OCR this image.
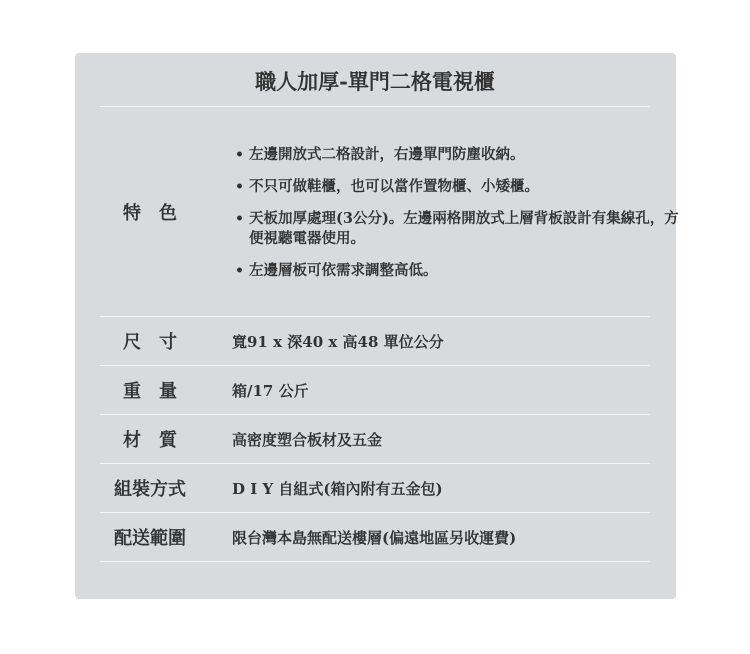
職人加厚-單門二格電視櫃
特　色
• 左邊開放式二格設計，右邊單門防塵收納。
• 不只可做鞋櫃，也可以當作置物櫃、小矮櫃。
• 天板加厚處理(3公分)。左邊兩格開放式上層背板設計有集線孔，方便視聽電器使用。
• 左邊層板可依需求調整高低。
尺　寸	寬91 x 深40 x 高48 單位公分
重　量	箱/17 公斤
材　質	高密度塑合板材及五金
組裝方式	D I Y 自組式(箱內附有五金包)
配送範圍	限台灣本島無配送樓層(偏遠地區另收運費)
